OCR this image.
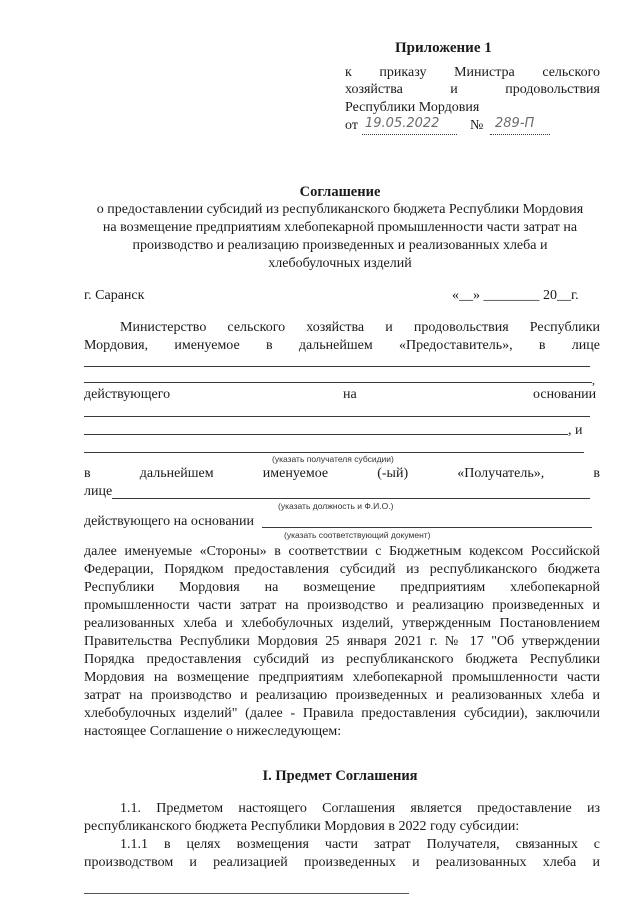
Приложение 1
к приказу Министра сельского
хозяйства и продовольствия
Республики Мордовия
от 19.05.2022 № 289-П
Соглашение
о предоставлении субсидий из республиканского бюджета Республики Мордовия
на возмещение предприятиям хлебопекарной промышленности части затрат на
производство и реализацию произведенных и реализованных хлеба и
хлебобулочных изделий
г. Саранск	«__» ________ 20__г.
Министерство сельского хозяйства и продовольствия Республики
Мордовия, именуемое в дальнейшем «Предоставитель», в лице
,
действующего	на	основании
, и
(указать получателя субсидии)
в дальнейшем именуемое (-ый) «Получатель», в
лице
(указать должность и Ф.И.О.)
действующего на основании
(указать соответствующий документ)
далее именуемые «Стороны» в соответствии с Бюджетным кодексом Российской
Федерации, Порядком предоставления субсидий из республиканского бюджета
Республики Мордовия на возмещение предприятиям хлебопекарной
промышленности части затрат на производство и реализацию произведенных и
реализованных хлеба и хлебобулочных изделий, утвержденным Постановлением
Правительства Республики Мордовия 25 января 2021 г. № 17 "Об утверждении
Порядка предоставления субсидий из республиканского бюджета Республики
Мордовия на возмещение предприятиям хлебопекарной промышленности части
затрат на производство и реализацию произведенных и реализованных хлеба и
хлебобулочных изделий" (далее - Правила предоставления субсидии), заключили
настоящее Соглашение о нижеследующем:
I. Предмет Соглашения
1.1. Предметом настоящего Соглашения является предоставление из
республиканского бюджета Республики Мордовия в 2022 году субсидии:
1.1.1 в целях возмещения части затрат Получателя, связанных с
производством и реализацией произведенных и реализованных хлеба и
